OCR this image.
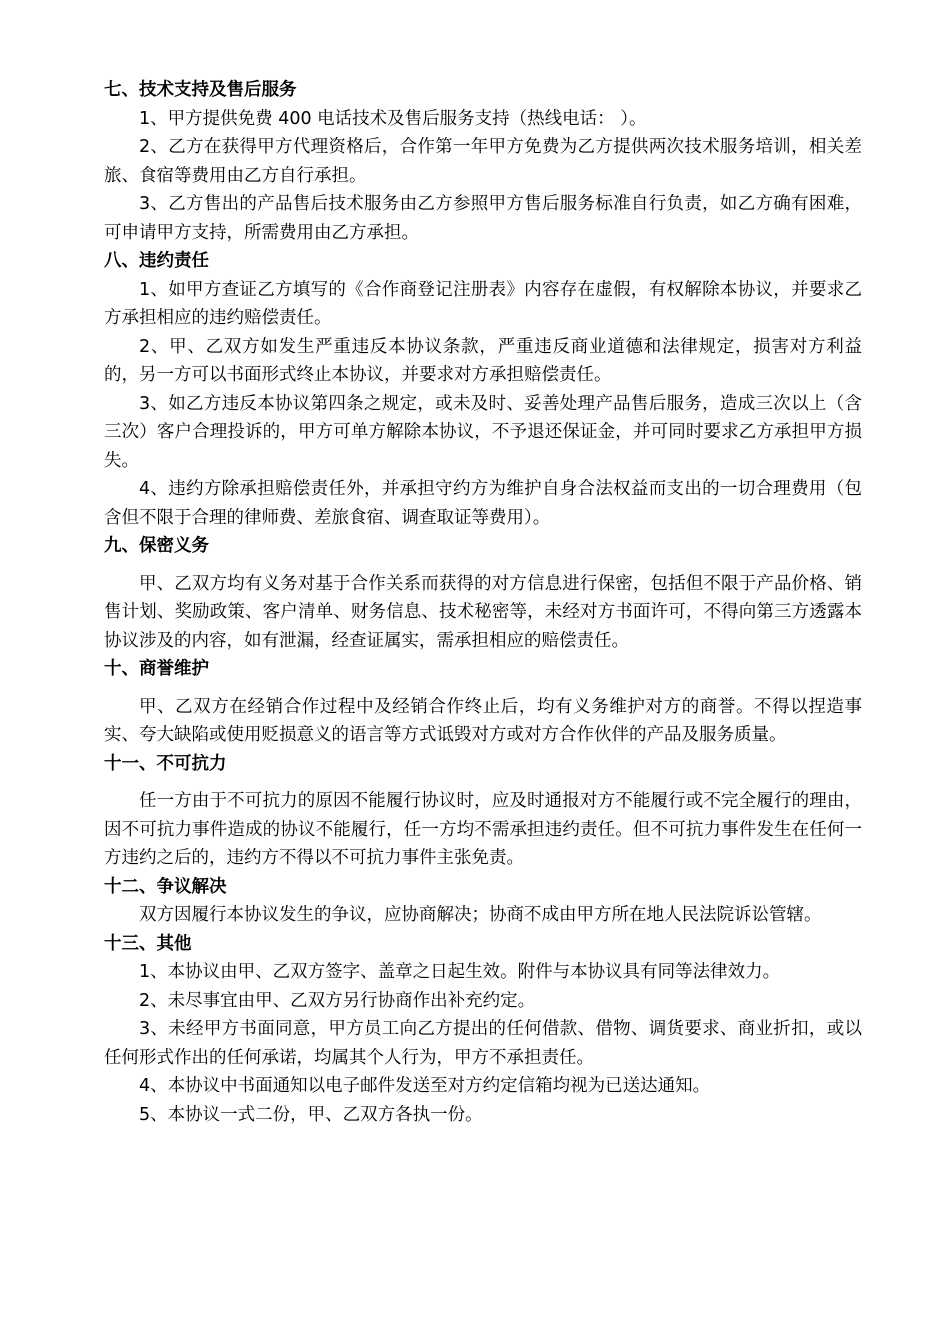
七、技术支持及售后服务

1、甲方提供免费 400 电话技术及售后服务支持（热线电话： ）。

2、乙方在获得甲方代理资格后，合作第一年甲方免费为乙方提供两次技术服务培训，相关差旅、食宿等费用由乙方自行承担。

3、乙方售出的产品售后技术服务由乙方参照甲方售后服务标准自行负责，如乙方确有困难，可申请甲方支持，所需费用由乙方承担。

八、违约责任

1、如甲方查证乙方填写的《合作商登记注册表》内容存在虚假，有权解除本协议，并要求乙方承担相应的违约赔偿责任。

2、甲、乙双方如发生严重违反本协议条款，严重违反商业道德和法律规定，损害对方利益的，另一方可以书面形式终止本协议，并要求对方承担赔偿责任。

3、如乙方违反本协议第四条之规定，或未及时、妥善处理产品售后服务，造成三次以上（含三次）客户合理投诉的，甲方可单方解除本协议，不予退还保证金，并可同时要求乙方承担甲方损失。

4、违约方除承担赔偿责任外，并承担守约方为维护自身合法权益而支出的一切合理费用（包含但不限于合理的律师费、差旅食宿、调查取证等费用）。

九、保密义务

甲、乙双方均有义务对基于合作关系而获得的对方信息进行保密，包括但不限于产品价格、销售计划、奖励政策、客户清单、财务信息、技术秘密等，未经对方书面许可，不得向第三方透露本协议涉及的内容，如有泄漏，经查证属实，需承担相应的赔偿责任。

十、商誉维护

甲、乙双方在经销合作过程中及经销合作终止后，均有义务维护对方的商誉。不得以捏造事实、夸大缺陷或使用贬损意义的语言等方式诋毁对方或对方合作伙伴的产品及服务质量。

十一、不可抗力

任一方由于不可抗力的原因不能履行协议时，应及时通报对方不能履行或不完全履行的理由，因不可抗力事件造成的协议不能履行，任一方均不需承担违约责任。但不可抗力事件发生在任何一方违约之后的，违约方不得以不可抗力事件主张免责。

十二、争议解决

双方因履行本协议发生的争议，应协商解决；协商不成由甲方所在地人民法院诉讼管辖。

十三、其他

1、本协议由甲、乙双方签字、盖章之日起生效。附件与本协议具有同等法律效力。

2、未尽事宜由甲、乙双方另行协商作出补充约定。

3、未经甲方书面同意，甲方员工向乙方提出的任何借款、借物、调货要求、商业折扣，或以任何形式作出的任何承诺，均属其个人行为，甲方不承担责任。

4、本协议中书面通知以电子邮件发送至对方约定信箱均视为已送达通知。

5、本协议一式二份，甲、乙双方各执一份。
